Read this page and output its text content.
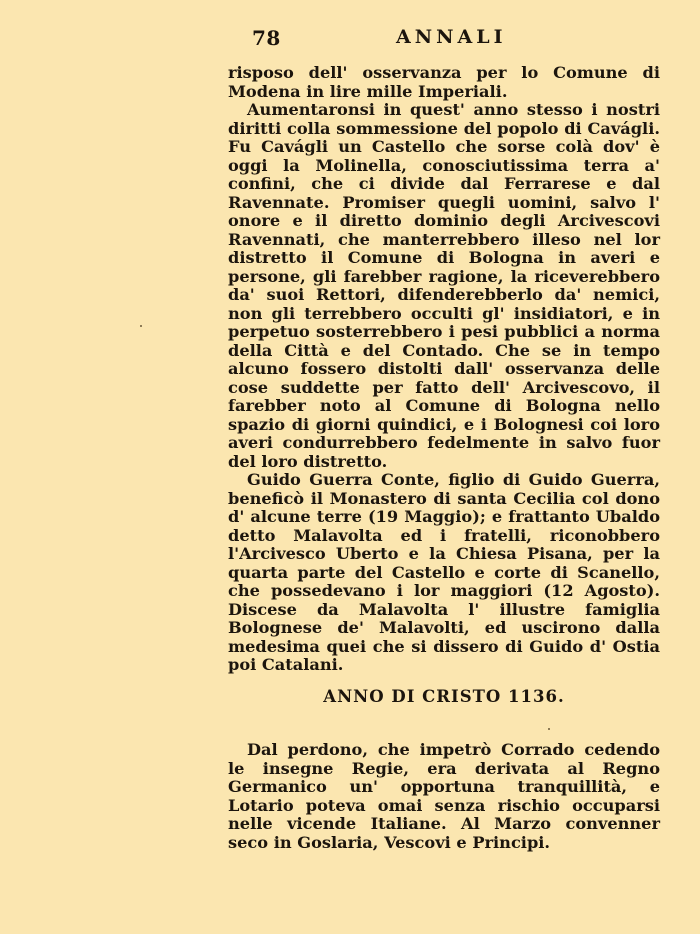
78	ANNALI

risposo dell' osservanza per lo Comune di Modena in lire mille Imperiali.

Aumentaronsi in quest' anno stesso i nostri diritti colla sommessione del popolo di Cavágli. Fu Cavágli un Castello che sorse colà dov' è oggi la Molinella, conosciutissima terra a' confini, che ci divide dal Ferrarese e dal Ravennate. Promiser quegli uomini, salvo l' onore e il diretto dominio degli Arcivescovi Ravennati, che manterrebbero illeso nel lor distretto il Comune di Bologna in averi e persone, gli farebber ragione, la riceverebbero da' suoi Rettori, difenderebberlo da' nemici, non gli terrebbero occulti gl' insidiatori, e in perpetuo sosterrebbero i pesi pubblici a norma della Città e del Contado. Che se in tempo alcuno fossero distolti dall' osservanza delle cose suddette per fatto dell' Arcivescovo, il farebber noto al Comune di Bologna nello spazio di giorni quindici, e i Bolognesi coi loro averi condurrebbero fedelmente in salvo fuor del loro distretto.

Guido Guerra Conte, figlio di Guido Guerra, beneficò il Monastero di santa Cecilia col dono d' alcune terre (19 Maggio); e frattanto Ubaldo detto Malavolta ed i fratelli, riconobbero l'Arcivesco Uberto e la Chiesa Pisana, per la quarta parte del Castello e corte di Scanello, che possedevano i lor maggiori (12 Agosto). Discese da Malavolta l' illustre famiglia Bolognese de' Malavolti, ed uscirono dalla medesima quei che si dissero di Guido d' Ostia poi Catalani.

ANNO DI CRISTO 1136.

Dal perdono, che impetrò Corrado cedendo le insegne Regie, era derivata al Regno Germanico un' opportuna tranquillità, e Lotario poteva omai senza rischio occuparsi nelle vicende Italiane. Al Marzo convenner seco in Goslaria, Vescovi e Principi.
